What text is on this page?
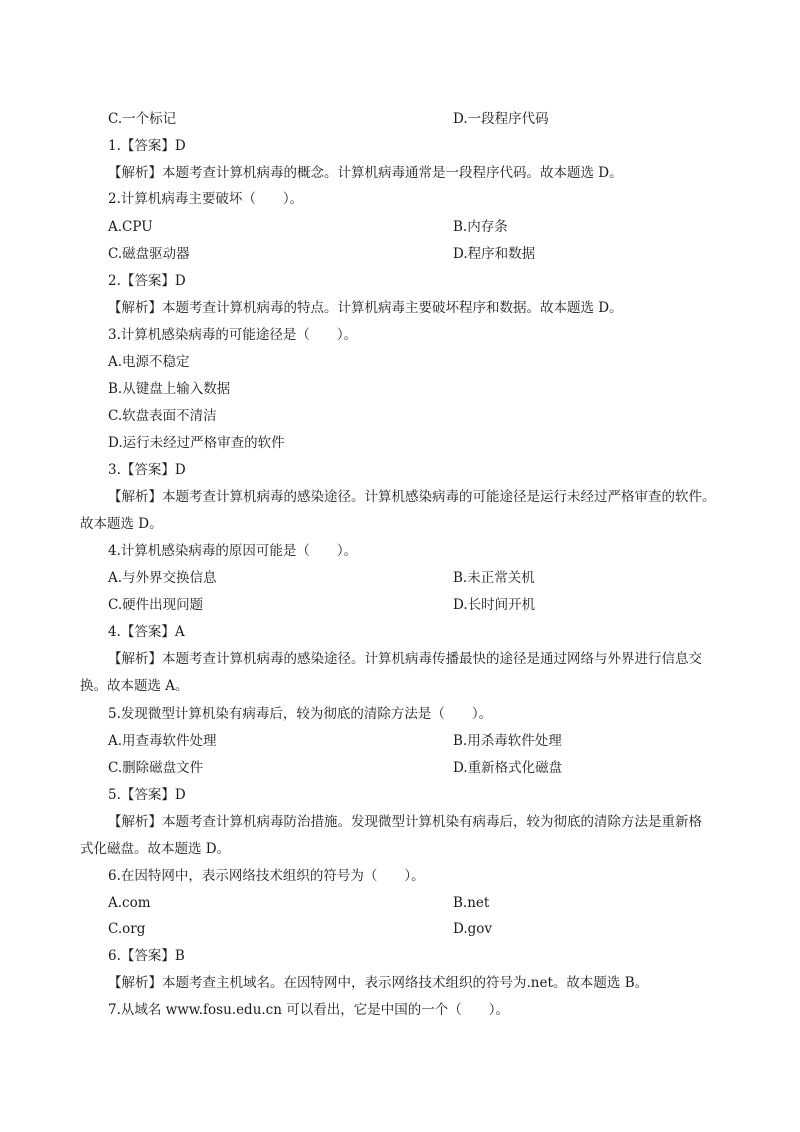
C.一个标记	D.一段程序代码
1.【答案】D
【解析】本题考查计算机病毒的概念。计算机病毒通常是一段程序代码。故本题选 D。
2.计算机病毒主要破坏（　　）。
A.CPU	B.内存条
C.磁盘驱动器	D.程序和数据
2.【答案】D
【解析】本题考查计算机病毒的特点。计算机病毒主要破坏程序和数据。故本题选 D。
3.计算机感染病毒的可能途径是（　　）。
A.电源不稳定
B.从键盘上输入数据
C.软盘表面不清洁
D.运行未经过严格审查的软件
3.【答案】D
【解析】本题考查计算机病毒的感染途径。计算机感染病毒的可能途径是运行未经过严格审查的软件。
故本题选 D。
4.计算机感染病毒的原因可能是（　　）。
A.与外界交换信息	B.未正常关机
C.硬件出现问题	D.长时间开机
4.【答案】A
【解析】本题考查计算机病毒的感染途径。计算机病毒传播最快的途径是通过网络与外界进行信息交
换。故本题选 A。
5.发现微型计算机染有病毒后，较为彻底的清除方法是（　　）。
A.用查毒软件处理	B.用杀毒软件处理
C.删除磁盘文件	D.重新格式化磁盘
5.【答案】D
【解析】本题考查计算机病毒防治措施。发现微型计算机染有病毒后，较为彻底的清除方法是重新格
式化磁盘。故本题选 D。
6.在因特网中，表示网络技术组织的符号为（　　）。
A.com	B.net
C.org	D.gov
6.【答案】B
【解析】本题考查主机域名。在因特网中，表示网络技术组织的符号为.net。故本题选 B。
7.从域名 www.fosu.edu.cn 可以看出，它是中国的一个（　　）。
